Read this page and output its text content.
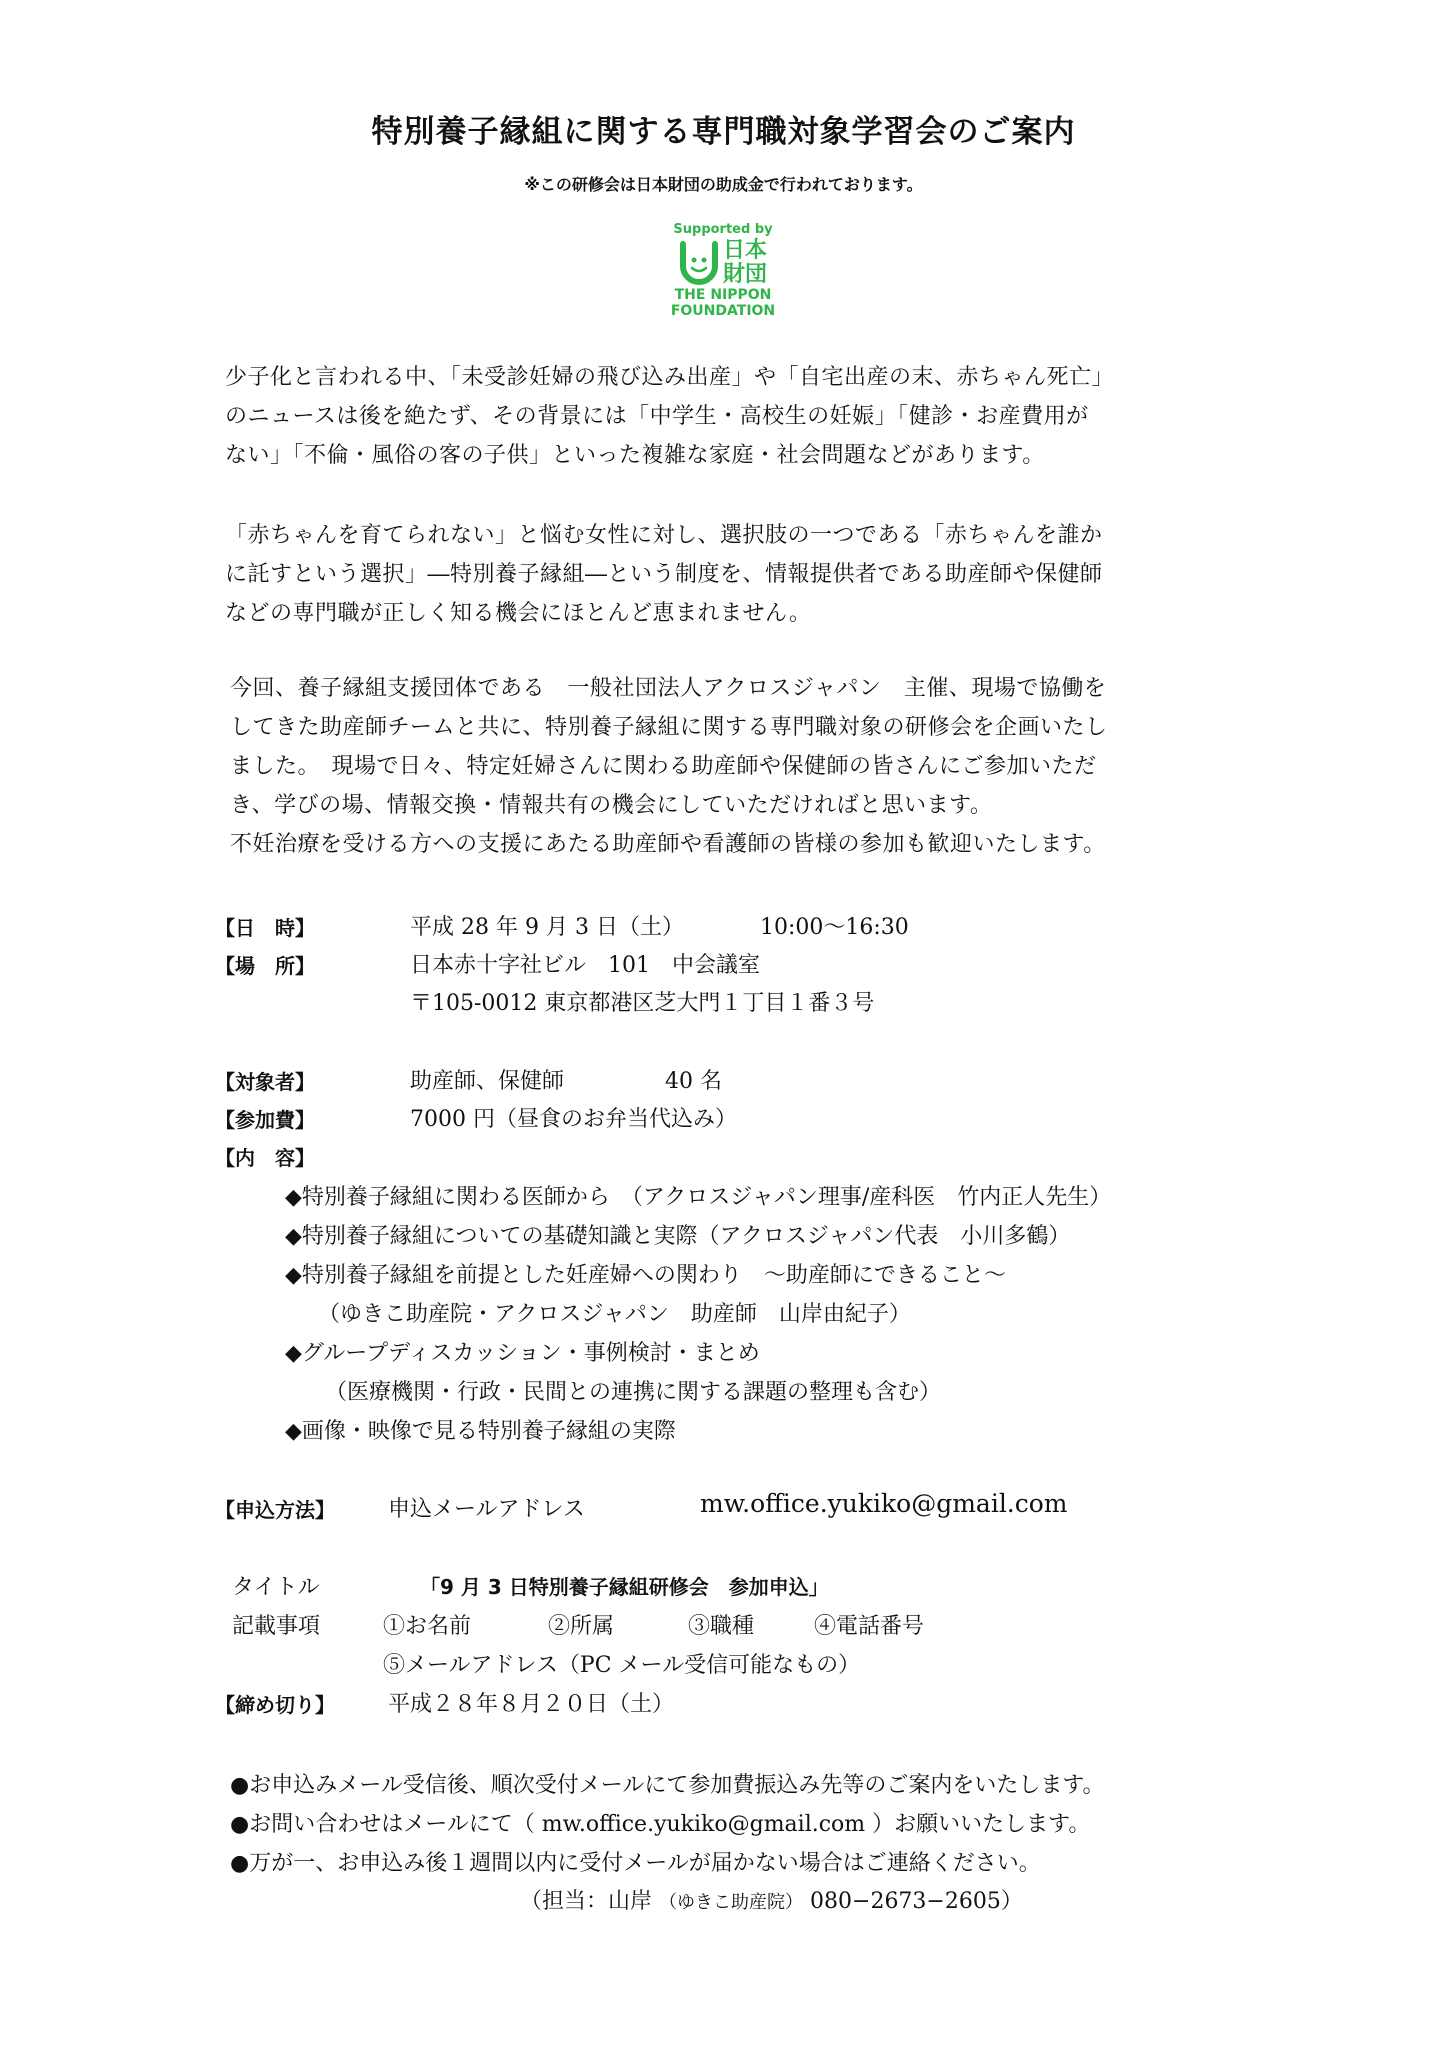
特別養子縁組に関する専門職対象学習会のご案内
※この研修会は日本財団の助成金で行われております。
Supported by
日本
財団
THE NIPPON
FOUNDATION
少子化と言われる中、「未受診妊婦の飛び込み出産」や「自宅出産の末、赤ちゃん死亡」
のニュースは後を絶たず、その背景には「中学生・高校生の妊娠」「健診・お産費用が
ない」「不倫・風俗の客の子供」といった複雑な家庭・社会問題などがあります。
「赤ちゃんを育てられない」と悩む女性に対し、選択肢の一つである「赤ちゃんを誰か
に託すという選択」―特別養子縁組―という制度を、情報提供者である助産師や保健師
などの専門職が正しく知る機会にほとんど恵まれません。
今回、養子縁組支援団体である　一般社団法人アクロスジャパン　主催、現場で協働を
してきた助産師チームと共に、特別養子縁組に関する専門職対象の研修会を企画いたし
ました。　現場で日々、特定妊婦さんに関わる助産師や保健師の皆さんにご参加いただ
き、学びの場、情報交換・情報共有の機会にしていただければと思います。
不妊治療を受ける方への支援にあたる助産師や看護師の皆様の参加も歓迎いたします。
【日　時】	平成 28 年 9 月 3 日（土）	10:00～16:30
【場　所】	日本赤十字社ビル　101　中会議室
〒105-0012 東京都港区芝大門１丁目１番３号
【対象者】	助産師、保健師	40 名
【参加費】	7000 円（昼食のお弁当代込み）
【内　容】
◆特別養子縁組に関わる医師から　（アクロスジャパン理事/産科医　竹内正人先生）
◆特別養子縁組についての基礎知識と実際（アクロスジャパン代表　小川多鶴）
◆特別養子縁組を前提とした妊産婦への関わり　～助産師にできること～
（ゆきこ助産院・アクロスジャパン　助産師　山岸由紀子）
◆グループディスカッション・事例検討・まとめ
（医療機関・行政・民間との連携に関する課題の整理も含む）
◆画像・映像で見る特別養子縁組の実際
【申込方法】 申込メールアドレス	mw.office.yukiko@gmail.com
タイトル	「9 月 3 日特別養子縁組研修会　参加申込」
記載事項	①お名前	②所属	③職種	④電話番号
⑤メールアドレス（PC メール受信可能なもの）
【締め切り】 平成２８年８月２０日（土）
●お申込みメール受信後、順次受付メールにて参加費振込み先等のご案内をいたします。
●お問い合わせはメールにて（ mw.office.yukiko@gmail.com ）お願いいたします。
●万が一、お申込み後１週間以内に受付メールが届かない場合はご連絡ください。
（担当：山岸 （ゆきこ助産院） 080−2673−2605）
